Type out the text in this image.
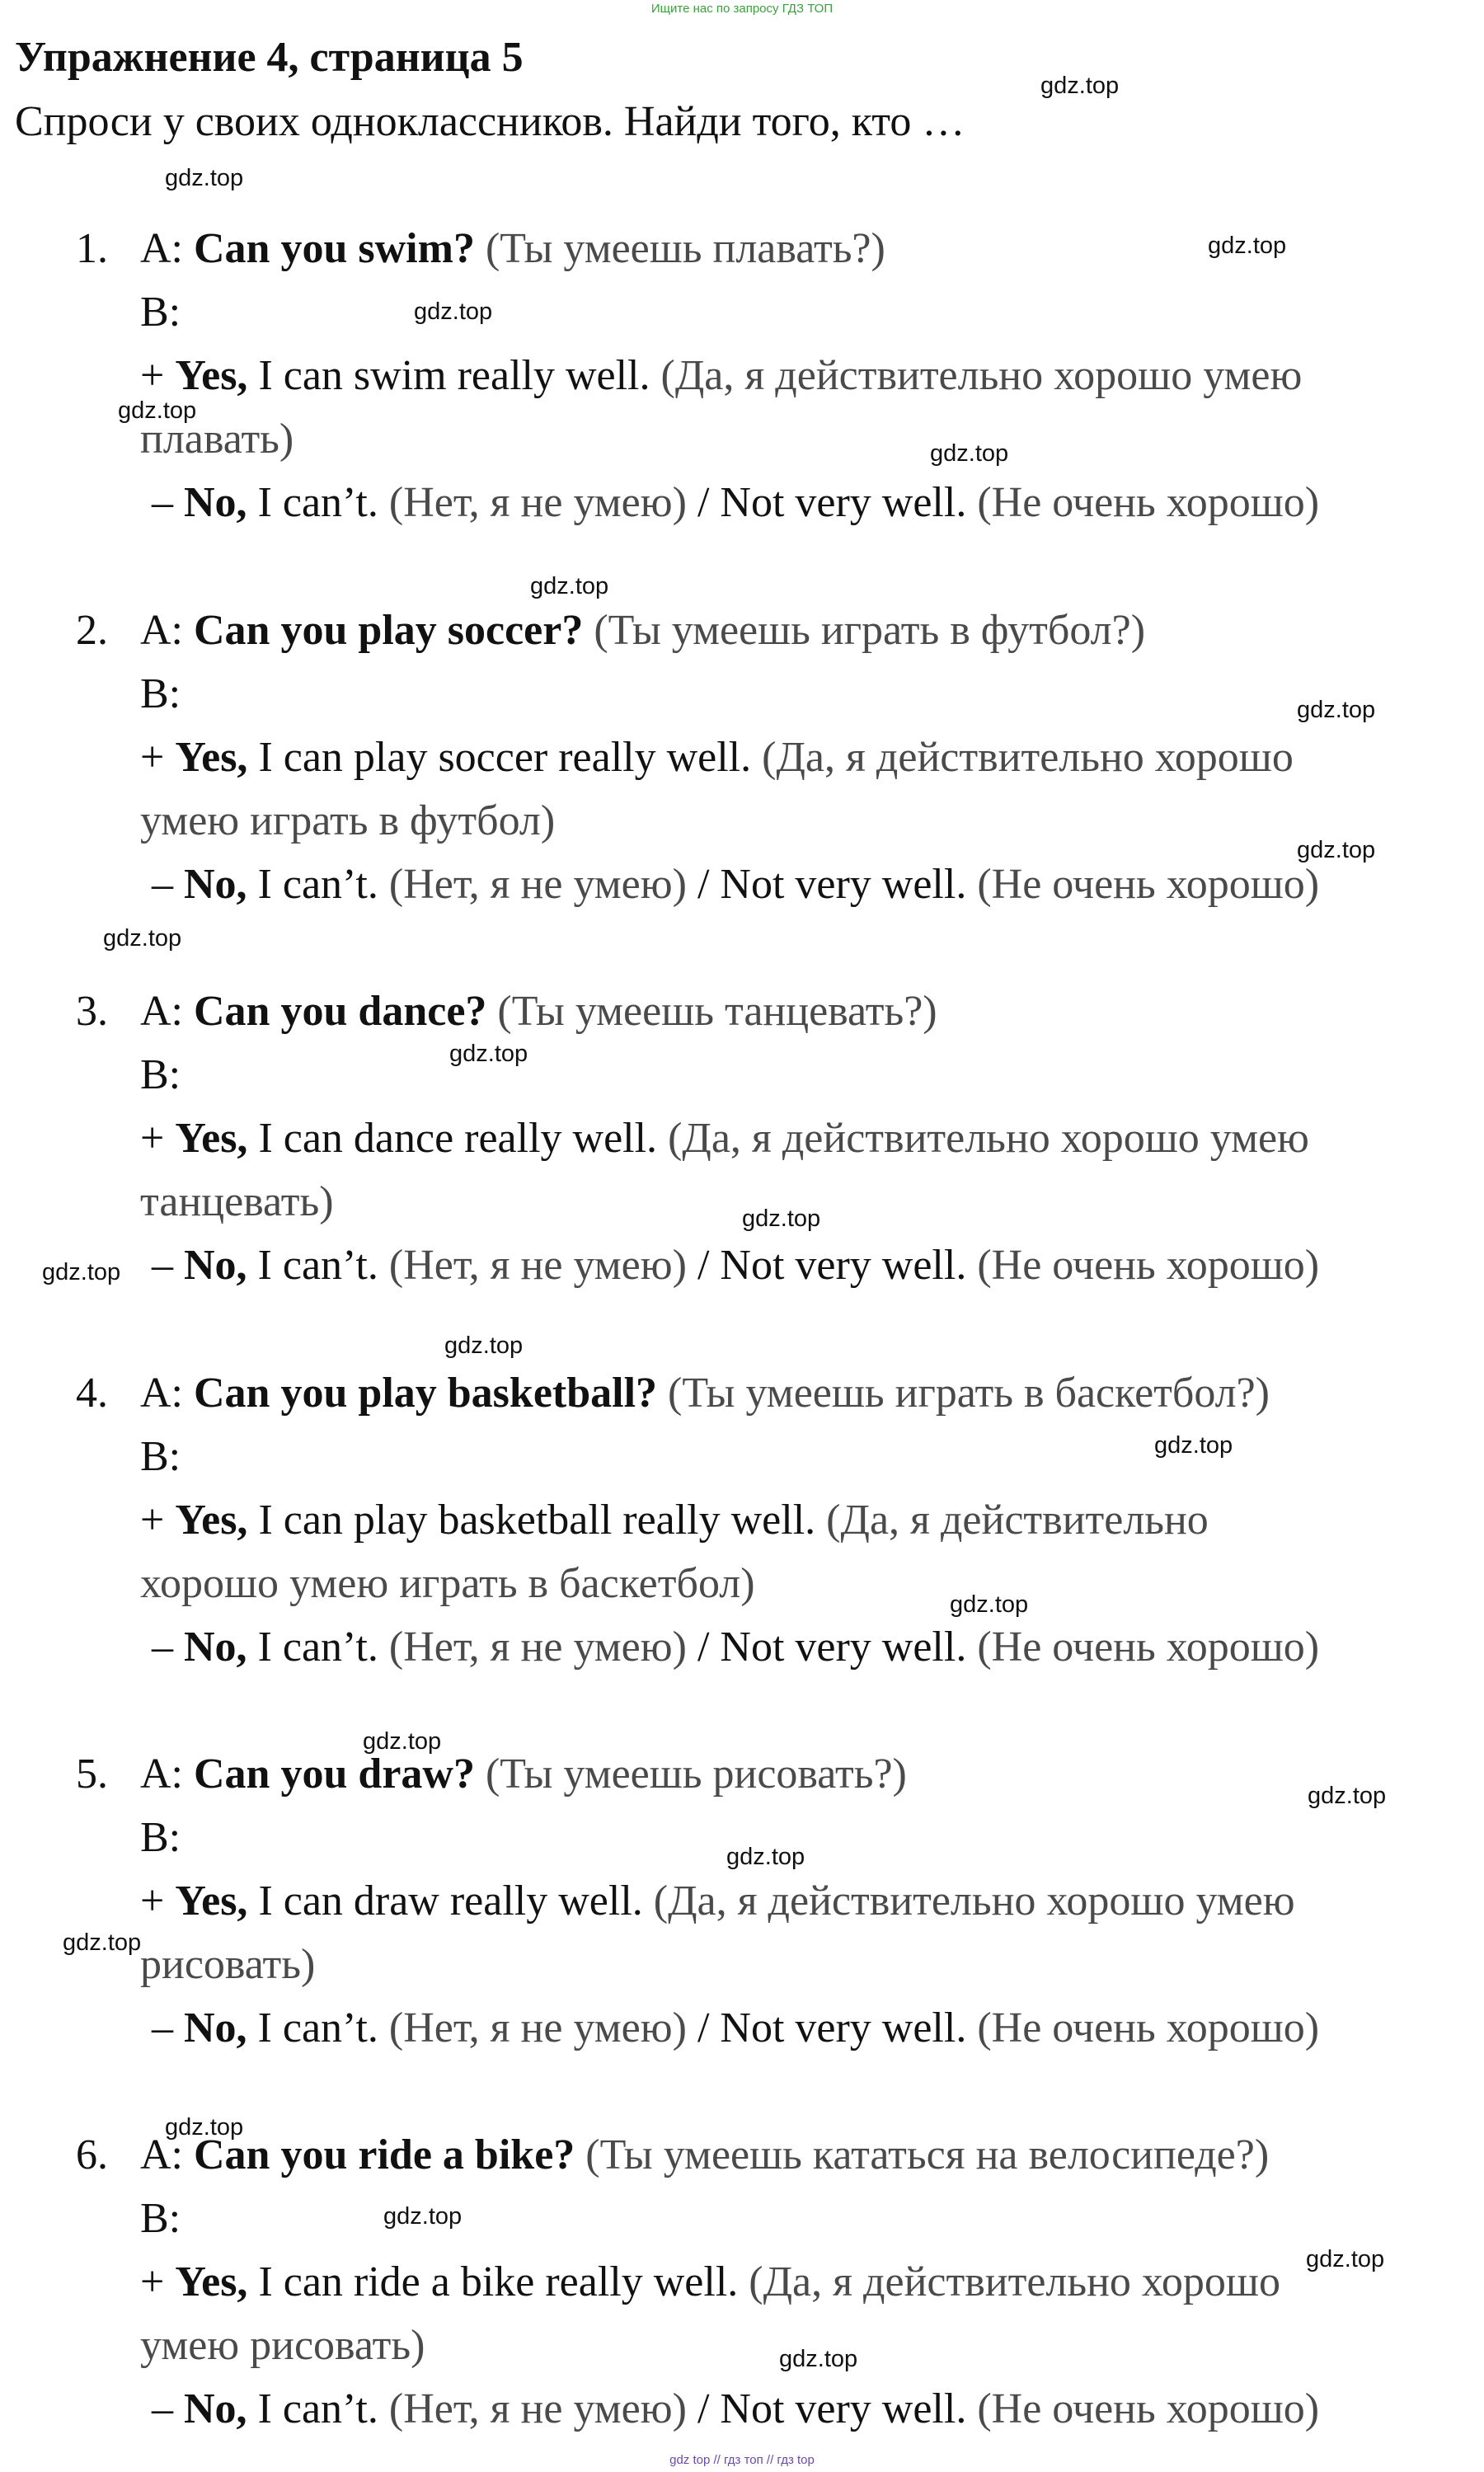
Ищите нас по запросу ГДЗ ТОП
Упражнение 4, страница 5
Спроси у своих одноклассников. Найди того, кто …
1. A: Can you swim? (Ты умеешь плавать?)
B:
+ Yes, I can swim really well. (Да, я действительно хорошо умею
плавать)
– No, I can’t. (Нет, я не умею) / Not very well. (Не очень хорошо)
2. A: Can you play soccer? (Ты умеешь играть в футбол?)
B:
+ Yes, I can play soccer really well. (Да, я действительно хорошо
умею играть в футбол)
– No, I can’t. (Нет, я не умею) / Not very well. (Не очень хорошо)
3. A: Can you dance? (Ты умеешь танцевать?)
B:
+ Yes, I can dance really well. (Да, я действительно хорошо умею
танцевать)
– No, I can’t. (Нет, я не умею) / Not very well. (Не очень хорошо)
4. A: Can you play basketball? (Ты умеешь играть в баскетбол?)
B:
+ Yes, I can play basketball really well. (Да, я действительно
хорошо умею играть в баскетбол)
– No, I can’t. (Нет, я не умею) / Not very well. (Не очень хорошо)
5. A: Can you draw? (Ты умеешь рисовать?)
B:
+ Yes, I can draw really well. (Да, я действительно хорошо умею
рисовать)
– No, I can’t. (Нет, я не умею) / Not very well. (Не очень хорошо)
6. A: Can you ride a bike? (Ты умеешь кататься на велосипеде?)
B:
+ Yes, I can ride a bike really well. (Да, я действительно хорошо
умею рисовать)
– No, I can’t. (Нет, я не умею) / Not very well. (Не очень хорошо)
gdz.top
gdz.top
gdz.top
gdz.top
gdz.top
gdz.top
gdz.top
gdz.top
gdz.top
gdz.top
gdz.top
gdz.top
gdz.top
gdz.top
gdz.top
gdz.top
gdz.top
gdz.top
gdz.top
gdz.top
gdz.top
gdz.top
gdz.top
gdz.top
gdz top // гдз топ // гдз top
